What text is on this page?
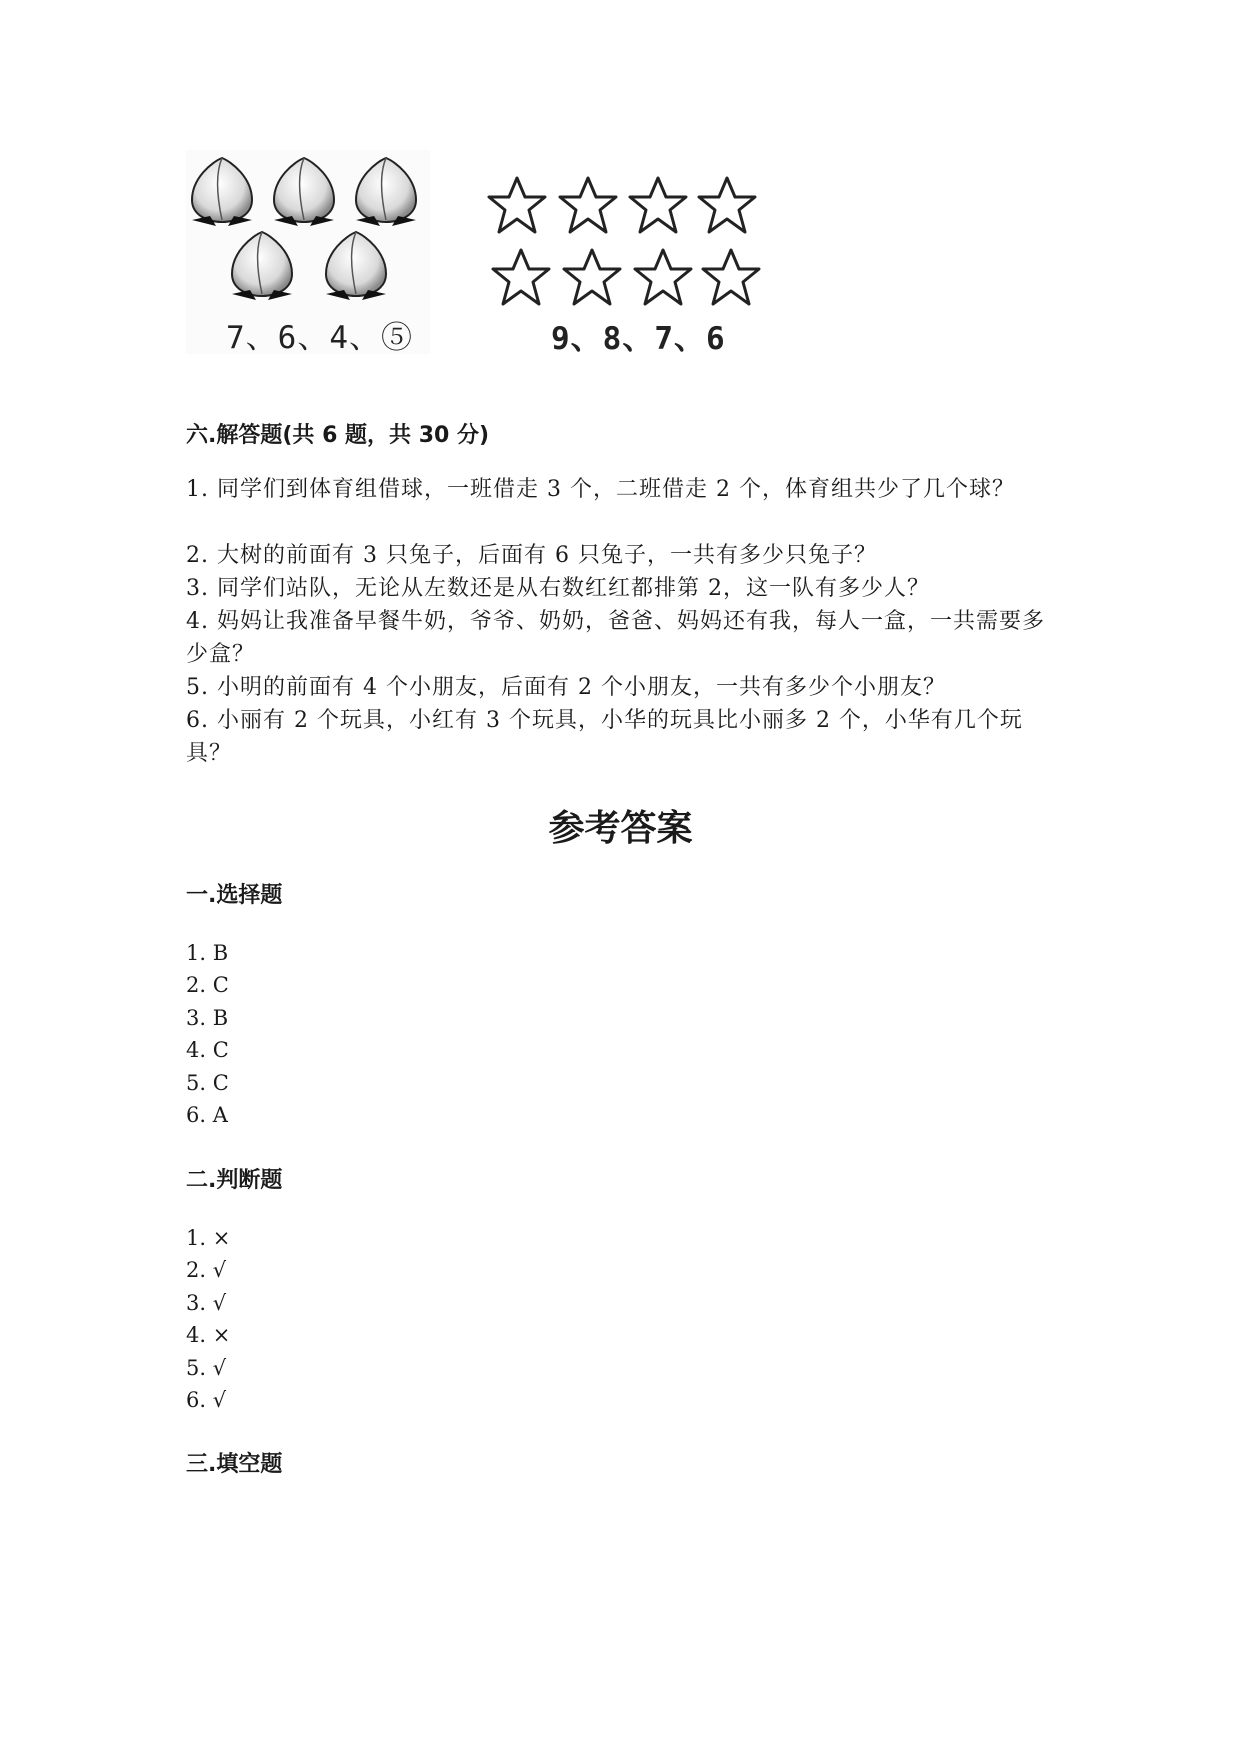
7、6、4、⑤	9、8、7、6
六.解答题(共 6 题，共 30 分)
1. 同学们到体育组借球，一班借走 3 个，二班借走 2 个，体育组共少了几个球？
2. 大树的前面有 3 只兔子，后面有 6 只兔子，一共有多少只兔子？
3. 同学们站队，无论从左数还是从右数红红都排第 2，这一队有多少人？
4. 妈妈让我准备早餐牛奶，爷爷、奶奶，爸爸、妈妈还有我，每人一盒，一共需要多少盒？
5. 小明的前面有 4 个小朋友，后面有 2 个小朋友，一共有多少个小朋友？
6. 小丽有 2 个玩具，小红有 3 个玩具，小华的玩具比小丽多 2 个，小华有几个玩具？
参考答案
一.选择题
1. B
2. C
3. B
4. C
5. C
6. A
二.判断题
1. ×
2. √
3. √
4. ×
5. √
6. √
三.填空题
